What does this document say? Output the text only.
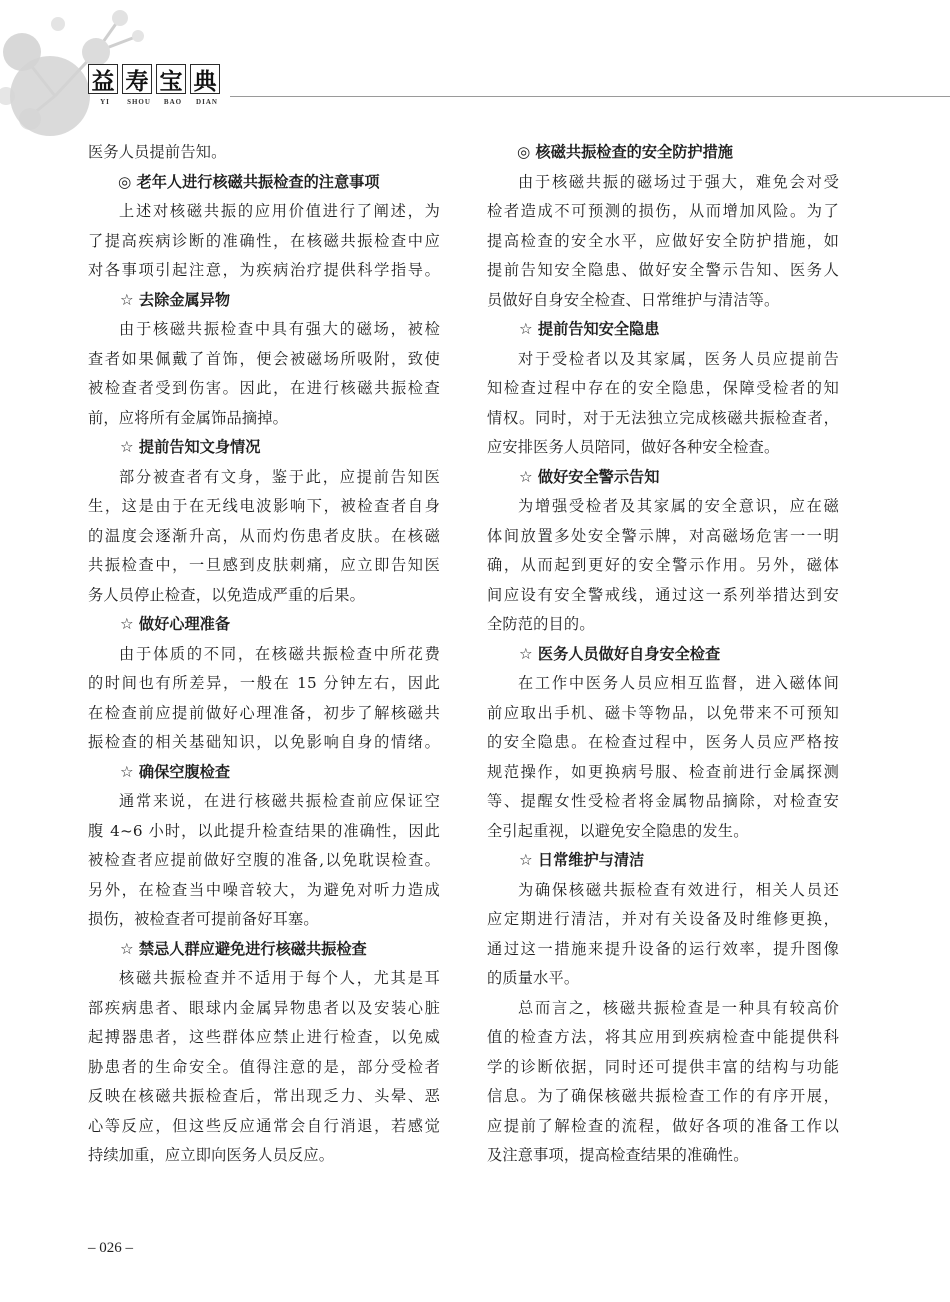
益 寿 宝 典
YI	SHOU	BAO	DIAN
医务人员提前告知。
◎ 老年人进行核磁共振检查的注意事项
上述对核磁共振的应用价值进行了阐述，为
了提高疾病诊断的准确性，在核磁共振检查中应
对各事项引起注意，为疾病治疗提供科学指导。
☆ 去除金属异物
由于核磁共振检查中具有强大的磁场，被检
查者如果佩戴了首饰，便会被磁场所吸附，致使
被检查者受到伤害。因此，在进行核磁共振检查
前，应将所有金属饰品摘掉。
☆ 提前告知文身情况
部分被查者有文身，鉴于此，应提前告知医
生，这是由于在无线电波影响下，被检查者自身
的温度会逐渐升高，从而灼伤患者皮肤。在核磁
共振检查中，一旦感到皮肤刺痛，应立即告知医
务人员停止检查，以免造成严重的后果。
☆ 做好心理准备
由于体质的不同，在核磁共振检查中所花费
的时间也有所差异，一般在 15 分钟左右，因此
在检查前应提前做好心理准备，初步了解核磁共
振检查的相关基础知识，以免影响自身的情绪。
☆ 确保空腹检查
通常来说，在进行核磁共振检查前应保证空
腹 4~6 小时，以此提升检查结果的准确性，因此
被检查者应提前做好空腹的准备,以免耽误检查。
另外，在检查当中噪音较大，为避免对听力造成
损伤，被检查者可提前备好耳塞。
☆ 禁忌人群应避免进行核磁共振检查
核磁共振检查并不适用于每个人，尤其是耳
部疾病患者、眼球内金属异物患者以及安装心脏
起搏器患者，这些群体应禁止进行检查，以免威
胁患者的生命安全。值得注意的是，部分受检者
反映在核磁共振检查后，常出现乏力、头晕、恶
心等反应，但这些反应通常会自行消退，若感觉
持续加重，应立即向医务人员反应。
◎ 核磁共振检查的安全防护措施
由于核磁共振的磁场过于强大，难免会对受
检者造成不可预测的损伤，从而增加风险。为了
提高检查的安全水平，应做好安全防护措施，如
提前告知安全隐患、做好安全警示告知、医务人
员做好自身安全检查、日常维护与清洁等。
☆ 提前告知安全隐患
对于受检者以及其家属，医务人员应提前告
知检查过程中存在的安全隐患，保障受检者的知
情权。同时，对于无法独立完成核磁共振检查者，
应安排医务人员陪同，做好各种安全检查。
☆ 做好安全警示告知
为增强受检者及其家属的安全意识，应在磁
体间放置多处安全警示牌，对高磁场危害一一明
确，从而起到更好的安全警示作用。另外，磁体
间应设有安全警戒线，通过这一系列举措达到安
全防范的目的。
☆ 医务人员做好自身安全检查
在工作中医务人员应相互监督，进入磁体间
前应取出手机、磁卡等物品，以免带来不可预知
的安全隐患。在检查过程中，医务人员应严格按
规范操作，如更换病号服、检查前进行金属探测
等、提醒女性受检者将金属物品摘除，对检查安
全引起重视，以避免安全隐患的发生。
☆ 日常维护与清洁
为确保核磁共振检查有效进行，相关人员还
应定期进行清洁，并对有关设备及时维修更换，
通过这一措施来提升设备的运行效率，提升图像
的质量水平。
总而言之，核磁共振检查是一种具有较高价
值的检查方法，将其应用到疾病检查中能提供科
学的诊断依据，同时还可提供丰富的结构与功能
信息。为了确保核磁共振检查工作的有序开展，
应提前了解检查的流程，做好各项的准备工作以
及注意事项，提高检查结果的准确性。
– 026 –
